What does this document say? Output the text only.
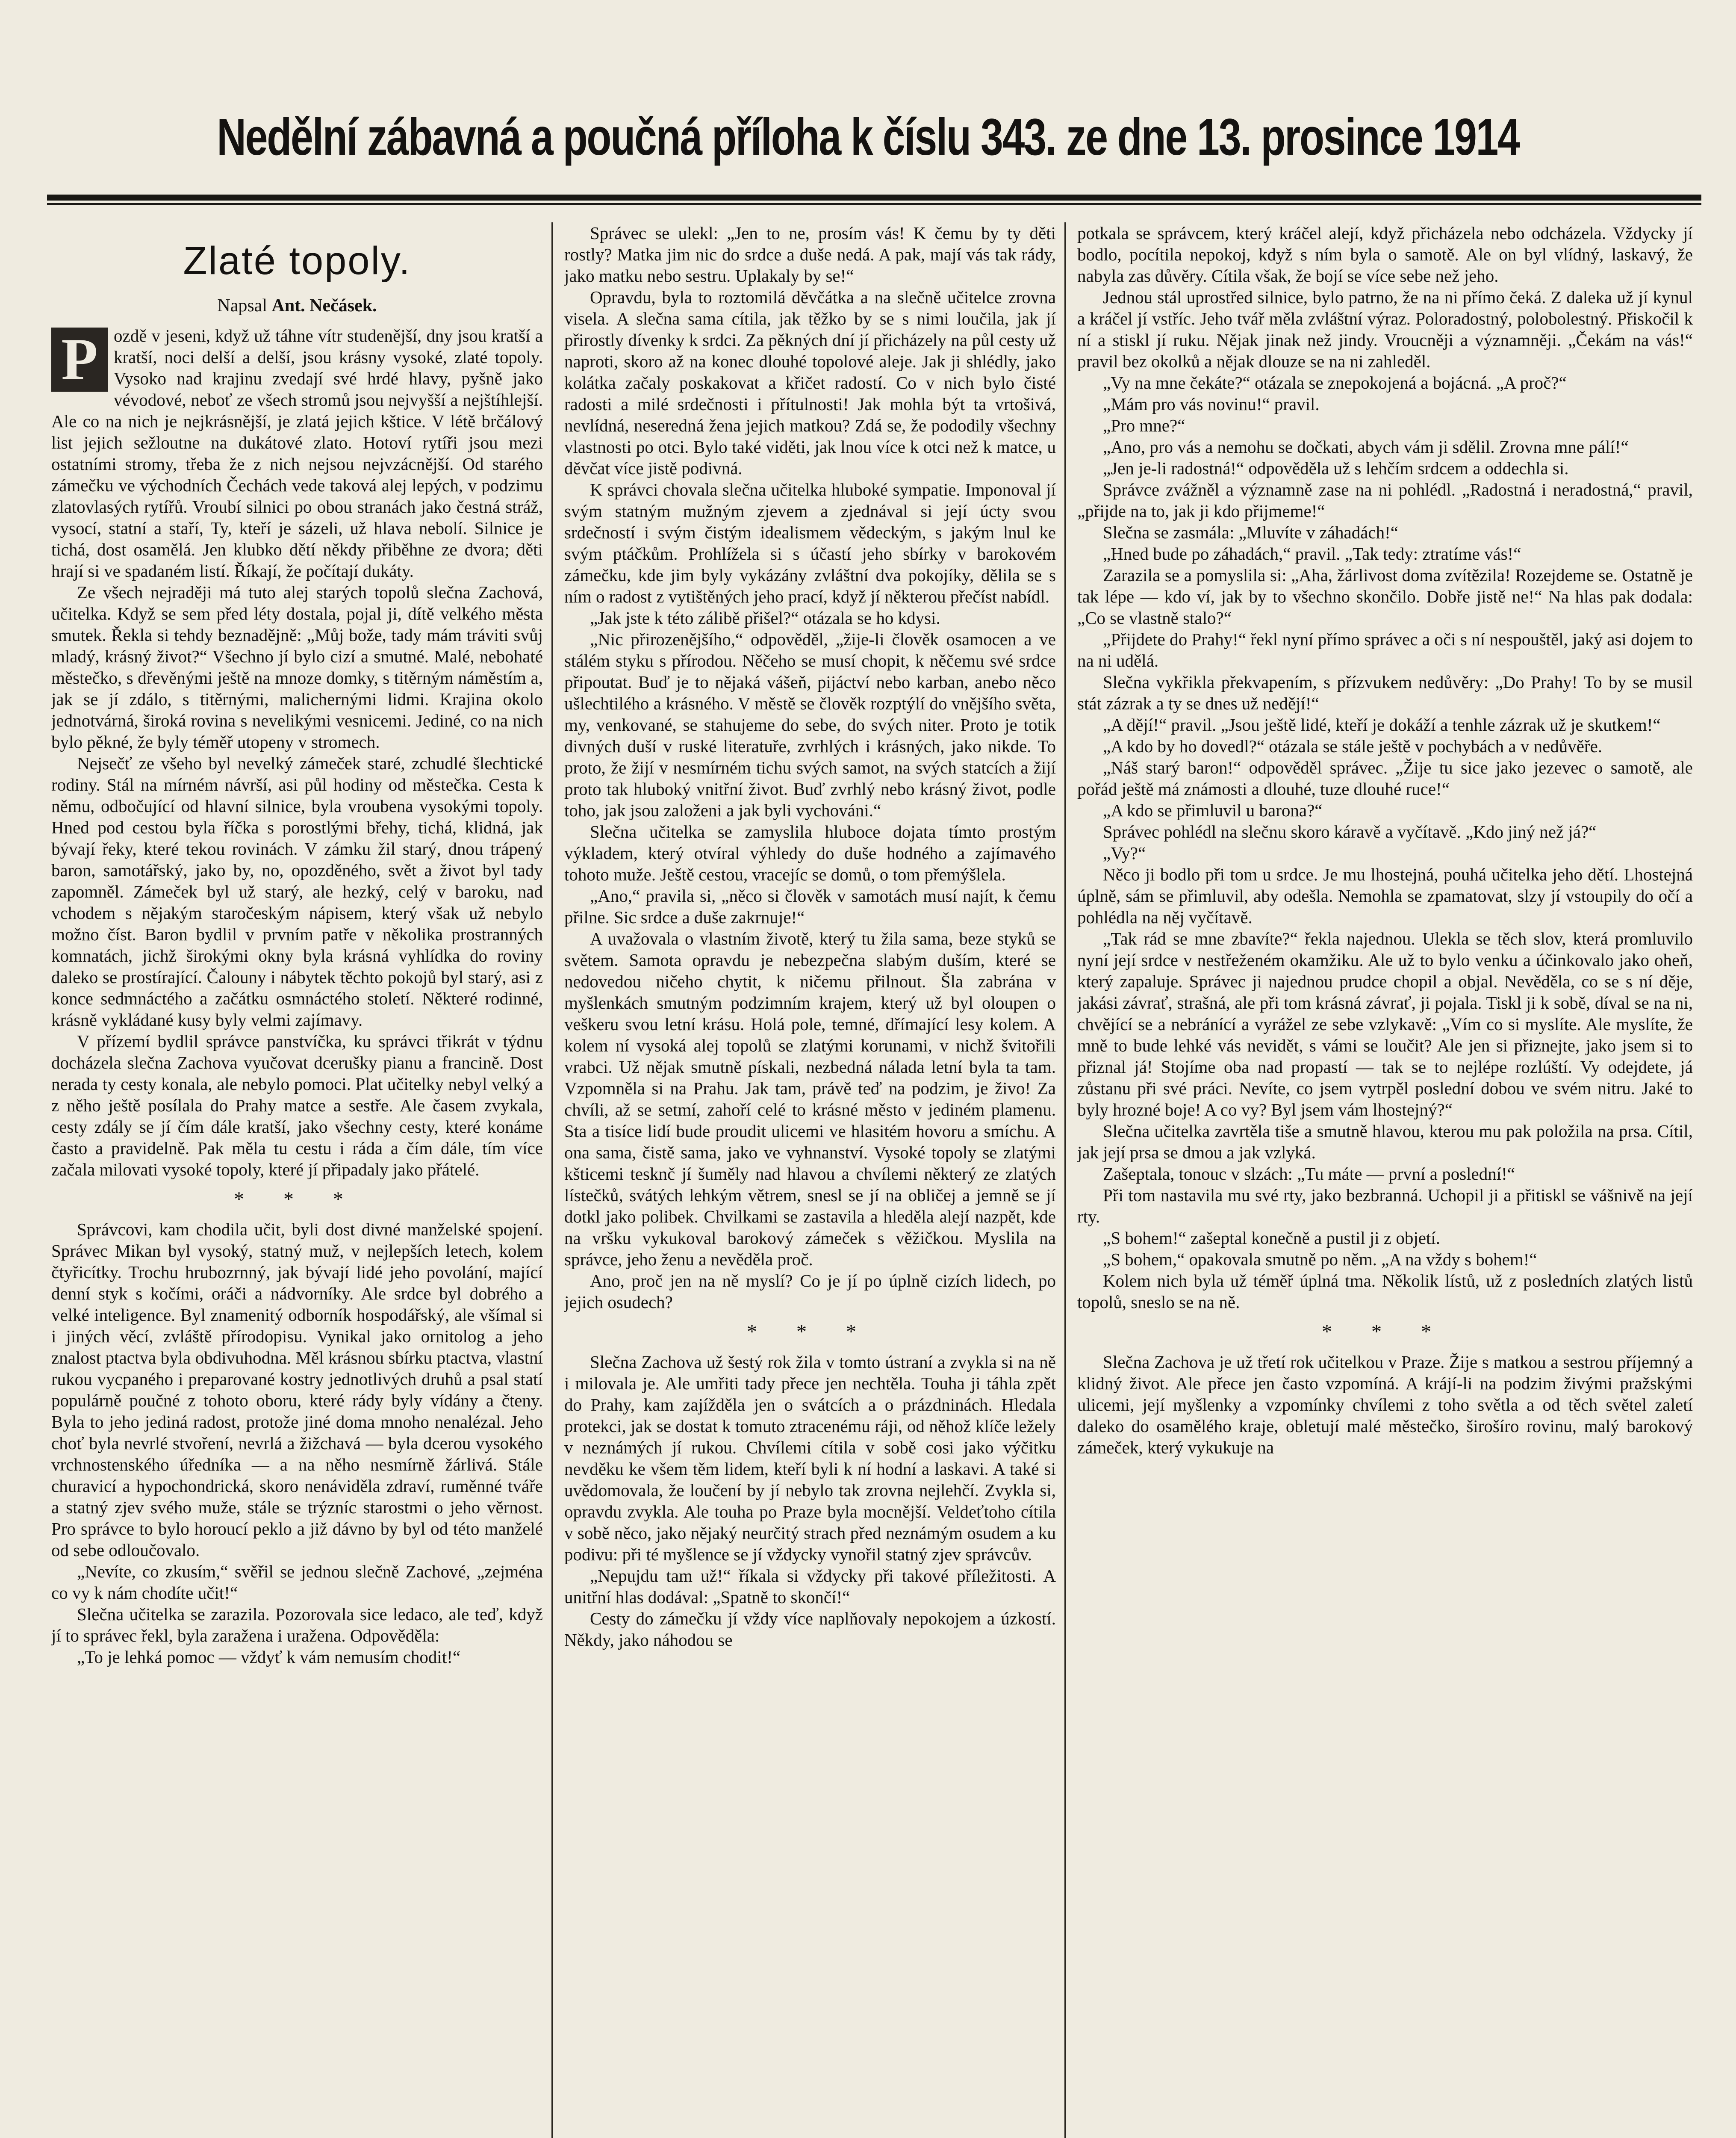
Nedělní zábavná a poučná příloha k číslu 343. ze dne 13. prosince 1914
Zlaté topoly.
Napsal Ant. Nečásek.

P ozdě v jeseni, když už táhne vítr studenější, dny jsou kratší a kratší, noci delší a delší, jsou krásny vysoké, zlaté topoly. Vysoko nad krajinu zvedají své hrdé hlavy, pyšně jako vévodové, neboť ze všech stromů jsou nejvyšší a nejštíhlejší. Ale co na nich je nejkrásnější, je zlatá jejich kštice. V létě brčálový list jejich sežloutne na dukátové zlato. Hotoví rytíři jsou mezi ostatními stromy, třeba že z nich nejsou nejvzácnější. Od starého zámečku ve východních Čechách vede taková alej lepých, v podzimu zlatovlasých rytířů. Vroubí silnici po obou stranách jako čestná stráž, vysocí, statní a staří, Ty, kteří je sázeli, už hlava nebolí. Silnice je tichá, dost osamělá. Jen klubko dětí někdy přiběhne ze dvora; děti hrají si ve spadaném listí. Říkají, že počítají dukáty.

Ze všech nejraději má tuto alej starých topolů slečna Zachová, učitelka. Když se sem před léty dostala, pojal ji, dítě velkého města smutek. Řekla si tehdy beznadějně: „Můj bože, tady mám tráviti svůj mladý, krásný život?“ Všechno jí bylo cizí a smutné. Malé, nebohaté městečko, s dřevěnými ještě na mnoze domky, s titěrným náměstím a, jak se jí zdálo, s titěrnými, malichernými lidmi. Krajina okolo jednotvárná, široká rovina s nevelikými vesnicemi. Jediné, co na nich bylo pěkné, že byly téměř utopeny v stromech.

Nejsečť ze všeho byl nevelký zámeček staré, zchudlé šlechtické rodiny. Stál na mírném návrší, asi půl hodiny od městečka. Cesta k němu, odbočující od hlavní silnice, byla vroubena vysokými topoly. Hned pod cestou byla říčka s porostlými břehy, tichá, klidná, jak bývají řeky, které tekou rovinách. V zámku žil starý, dnou trápený baron, samotářský, jako by, no, opozděného, svět a život byl tady zapomněl. Zámeček byl už starý, ale hezký, celý v baroku, nad vchodem s nějakým staročeským nápisem, který však už nebylo možno číst. Baron bydlil v prvním patře v několika prostranných komnatách, jichž širokými okny byla krásná vyhlídka do roviny daleko se prostírající. Čalouny i nábytek těchto pokojů byl starý, asi z konce sedmnáctého a začátku osmnáctého století. Některé rodinné, krásně vykládané kusy byly velmi zajímavy.

V přízemí bydlil správce panstvíčka, ku správci třikrát v týdnu docházela slečna Zachova vyučovat dcerušky pianu a francině. Dost nerada ty cesty konala, ale nebylo pomoci. Plat učitelky nebyl velký a z něho ještě posílala do Prahy matce a sestře. Ale časem zvykala, cesty zdály se jí čím dále kratší, jako všechny cesty, které konáme často a pravidelně. Pak měla tu cestu i ráda a čím dále, tím více začala milovati vysoké topoly, které jí připadaly jako přátelé.

* * *

Správcovi, kam chodila učit, byli dost divné manželské spojení. Správec Mikan byl vysoký, statný muž, v nejlepších letech, kolem čtyřicítky. Trochu hrubozrnný, jak bývají lidé jeho povolání, mající denní styk s kočími, oráči a nádvorníky. Ale srdce byl dobrého a velké inteligence. Byl znamenitý odborník hospodářský, ale všímal si i jiných věcí, zvláště přírodopisu. Vynikal jako ornitolog a jeho znalost ptactva byla obdivuhodna. Měl krásnou sbírku ptactva, vlastní rukou vycpaného i preparované kostry jednotlivých druhů a psal statí populárně poučné z tohoto oboru, které rády byly vídány a čteny. Byla to jeho jediná radost, protože jiné doma mnoho nenalézal. Jeho choť byla nevrlé stvoření, nevrlá a žižchavá — byla dcerou vysokého vrchnostenského úředníka — a na něho nesmírně žárlivá. Stále churavicí a hypochondrická, skoro nenáviděla zdraví, ruměnné tváře a statný zjev svého muže, stále se trýzníc starostmi o jeho věrnost. Pro správce to bylo horoucí peklo a již dávno by byl od této manželé od sebe odloučovalo.

„Nevíte, co zkusím,“ svěřil se jednou slečně Zachové, „zejména co vy k nám chodíte učit!“

Slečna učitelka se zarazila. Pozorovala sice ledaco, ale teď, když jí to správec řekl, byla zaražena i uražena. Odpověděla:

„To je lehká pomoc — vždyť k vám nemusím chodit!“

Správec se ulekl: „Jen to ne, prosím vás! K čemu by ty děti rostly? Matka jim nic do srdce a duše nedá. A pak, mají vás tak rády, jako matku nebo sestru. Uplakaly by se!“

Opravdu, byla to roztomilá děvčátka a na slečně učitelce zrovna visela. A slečna sama cítila, jak těžko by se s nimi loučila, jak jí přirostly dívenky k srdci. Za pěkných dní jí přicházely na půl cesty už naproti, skoro až na konec dlouhé topolové aleje. Jak ji shlédly, jako kolátka začaly poskakovat a křičet radostí. Co v nich bylo čisté radosti a milé srdečnosti i přítulnosti! Jak mohla být ta vrtošivá, nevlídná, neseredná žena jejich matkou? Zdá se, že pododily všechny vlastnosti po otci. Bylo také viděti, jak lnou více k otci než k matce, u děvčat více jistě podivná.

K správci chovala slečna učitelka hluboké sympatie. Imponoval jí svým statným mužným zjevem a zjednával si její úcty svou srdečností i svým čistým idealismem vědeckým, s jakým lnul ke svým ptáčkům. Prohlížela si s účastí jeho sbírky v barokovém zámečku, kde jim byly vykázány zvláštní dva pokojíky, dělila se s ním o radost z vytištěných jeho prací, když jí některou přečíst nabídl.

„Jak jste k této zálibě přišel?“ otázala se ho kdysi.

„Nic přirozenějšího,“ odpověděl, „žije-li člověk osamocen a ve stálém styku s přírodou. Něčeho se musí chopit, k něčemu své srdce připoutat. Buď je to nějaká vášeň, pijáctví nebo karban, anebo něco ušlechtilého a krásného. V městě se člověk rozptýlí do vnějšího světa, my, venkované, se stahujeme do sebe, do svých niter. Proto je totik divných duší v ruské literatuře, zvrhlých i krásných, jako nikde. To proto, že žijí v nesmírném tichu svých samot, na svých statcích a žijí proto tak hluboký vnitřní život. Buď zvrhlý nebo krásný život, podle toho, jak jsou založeni a jak byli vychováni.“

Slečna učitelka se zamyslila hluboce dojata tímto prostým výkladem, který otvíral výhledy do duše hodného a zajímavého tohoto muže. Ještě cestou, vracejíc se domů, o tom přemýšlela.

„Ano,“ pravila si, „něco si člověk v samotách musí najít, k čemu přilne. Sic srdce a duše zakrnuje!“

A uvažovala o vlastním životě, který tu žila sama, beze styků se světem. Samota opravdu je nebezpečna slabým duším, které se nedovedou ničeho chytit, k ničemu přilnout. Šla zabrána v myšlenkách smutným podzimním krajem, který už byl oloupen o veškeru svou letní krásu. Holá pole, temné, dřímající lesy kolem. A kolem ní vysoká alej topolů se zlatými korunami, v nichž švitořili vrabci. Už nějak smutně pískali, nezbedná nálada letní byla ta tam. Vzpomněla si na Prahu. Jak tam, právě teď na podzim, je živo! Za chvíli, až se setmí, zahoří celé to krásné město v jediném plamenu. Sta a tisíce lidí bude proudit ulicemi ve hlasitém hovoru a smíchu. A ona sama, čistě sama, jako ve vyhnanství. Vysoké topoly se zlatými kšticemi tesknč jí šuměly nad hlavou a chvílemi některý ze zlatých lístečků, svátých lehkým větrem, snesl se jí na obličej a jemně se jí dotkl jako polibek. Chvilkami se zastavila a hleděla alejí nazpět, kde na vršku vykukoval barokový zámeček s věžičkou. Myslila na správce, jeho ženu a nevěděla proč.

Ano, proč jen na ně myslí? Co je jí po úplně cizích lidech, po jejich osudech?

* * *

Slečna Zachova už šestý rok žila v tomto ústraní a zvykla si na ně i milovala je. Ale umřiti tady přece jen nechtěla. Touha ji táhla zpět do Prahy, kam zajížděla jen o svátcích a o prázdninách. Hledala protekci, jak se dostat k tomuto ztracenému ráji, od něhož klíče ležely v neznámých jí rukou. Chvílemi cítila v sobě cosi jako výčitku nevděku ke všem těm lidem, kteří byli k ní hodní a laskavi. A také si uvědomovala, že loučení by jí nebylo tak zrovna nejlehčí. Zvykla si, opravdu zvykla. Ale touha po Praze byla mocnější. Veldeťtoho cítila v sobě něco, jako nějaký neurčitý strach před neznámým osudem a ku podivu: při té myšlence se jí vždycky vynořil statný zjev správcův.

„Nepujdu tam už!“ říkala si vždycky při takové příležitosti. A unitřní hlas dodával: „Spatně to skončí!“

Cesty do zámečku jí vždy více naplňovaly nepokojem a úzkostí. Někdy, jako náhodou se

potkala se správcem, který kráčel alejí, když přicházela nebo odcházela. Vždycky jí bodlo, pocítila nepokoj, když s ním byla o samotě. Ale on byl vlídný, laskavý, že nabyla zas důvěry. Cítila však, že bojí se více sebe než jeho.

Jednou stál uprostřed silnice, bylo patrno, že na ni přímo čeká. Z daleka už jí kynul a kráčel jí vstříc. Jeho tvář měla zvláštní výraz. Poloradostný, polobolestný. Přiskočil k ní a stiskl jí ruku. Nějak jinak než jindy. Vroucněji a významněji. „Čekám na vás!“ pravil bez okolků a nějak dlouze se na ni zahleděl.

„Vy na mne čekáte?“ otázala se znepokojená a bojácná. „A proč?“

„Mám pro vás novinu!“ pravil.

„Pro mne?“

„Ano, pro vás a nemohu se dočkati, abych vám ji sdělil. Zrovna mne pálí!“

„Jen je-li radostná!“ odpověděla už s lehčím srdcem a oddechla si.

Správce zvážněl a významně zase na ni pohlédl. „Radostná i neradostná,“ pravil, „přijde na to, jak ji kdo přijmeme!“

Slečna se zasmála: „Mluvíte v záhadách!“

„Hned bude po záhadách,“ pravil. „Tak tedy: ztratíme vás!“

Zarazila se a pomyslila si: „Aha, žárlivost doma zvítězila! Rozejdeme se. Ostatně je tak lépe — kdo ví, jak by to všechno skončilo. Dobře jistě ne!“ Na hlas pak dodala: „Co se vlastně stalo?“

„Přijdete do Prahy!“ řekl nyní přímo správec a oči s ní nespouštěl, jaký asi dojem to na ni udělá.

Slečna vykřikla překvapením, s přízvukem nedůvěry: „Do Prahy! To by se musil stát zázrak a ty se dnes už nedějí!“

„A dějí!“ pravil. „Jsou ještě lidé, kteří je dokáží a tenhle zázrak už je skutkem!“

„A kdo by ho dovedl?“ otázala se stále ještě v pochybách a v nedůvěře.

„Náš starý baron!“ odpověděl správec. „Žije tu sice jako jezevec o samotě, ale pořád ještě má známosti a dlouhé, tuze dlouhé ruce!“

„A kdo se přimluvil u barona?“

Správec pohlédl na slečnu skoro káravě a vyčítavě. „Kdo jiný než já?“

„Vy?“

Něco ji bodlo při tom u srdce. Je mu lhostejná, pouhá učitelka jeho dětí. Lhostejná úplně, sám se přimluvil, aby odešla. Nemohla se zpamatovat, slzy jí vstoupily do očí a pohlédla na něj vyčítavě.

„Tak rád se mne zbavíte?“ řekla najednou. Ulekla se těch slov, která promluvilo nyní její srdce v nestřeženém okamžiku. Ale už to bylo venku a účinkovalo jako oheň, který zapaluje. Správec ji najednou prudce chopil a objal. Nevěděla, co se s ní děje, jakási závrať, strašná, ale při tom krásná závrať, ji pojala. Tiskl ji k sobě, díval se na ni, chvějící se a nebránící a vyrážel ze sebe vzlykavě: „Vím co si myslíte. Ale myslíte, že mně to bude lehké vás nevidět, s vámi se loučit? Ale jen si přiznejte, jako jsem si to přiznal já! Stojíme oba nad propastí — tak se to nejlépe rozlúští. Vy odejdete, já zůstanu při své práci. Nevíte, co jsem vytrpěl poslední dobou ve svém nitru. Jaké to byly hrozné boje! A co vy? Byl jsem vám lhostejný?“

Slečna učitelka zavrtěla tiše a smutně hlavou, kterou mu pak položila na prsa. Cítil, jak její prsa se dmou a jak vzlyká.

Zašeptala, tonouc v slzách: „Tu máte — první a poslední!“

Při tom nastavila mu své rty, jako bezbranná. Uchopil ji a přitiskl se vášnivě na její rty.

„S bohem!“ zašeptal konečně a pustil ji z objetí.

„S bohem,“ opakovala smutně po něm. „A na vždy s bohem!“

Kolem nich byla už téměř úplná tma. Několik lístů, už z posledních zlatých listů topolů, sneslo se na ně.

* * *

Slečna Zachova je už třetí rok učitelkou v Praze. Žije s matkou a sestrou příjemný a klidný život. Ale přece jen často vzpomíná. A krájí-li na podzim živými pražskými ulicemi, její myšlenky a vzpomínky chvílemi z toho světla a od těch světel zaletí daleko do osamělého kraje, obletují malé městečko, širošíro rovinu, malý barokový zámeček, který vykukuje na
